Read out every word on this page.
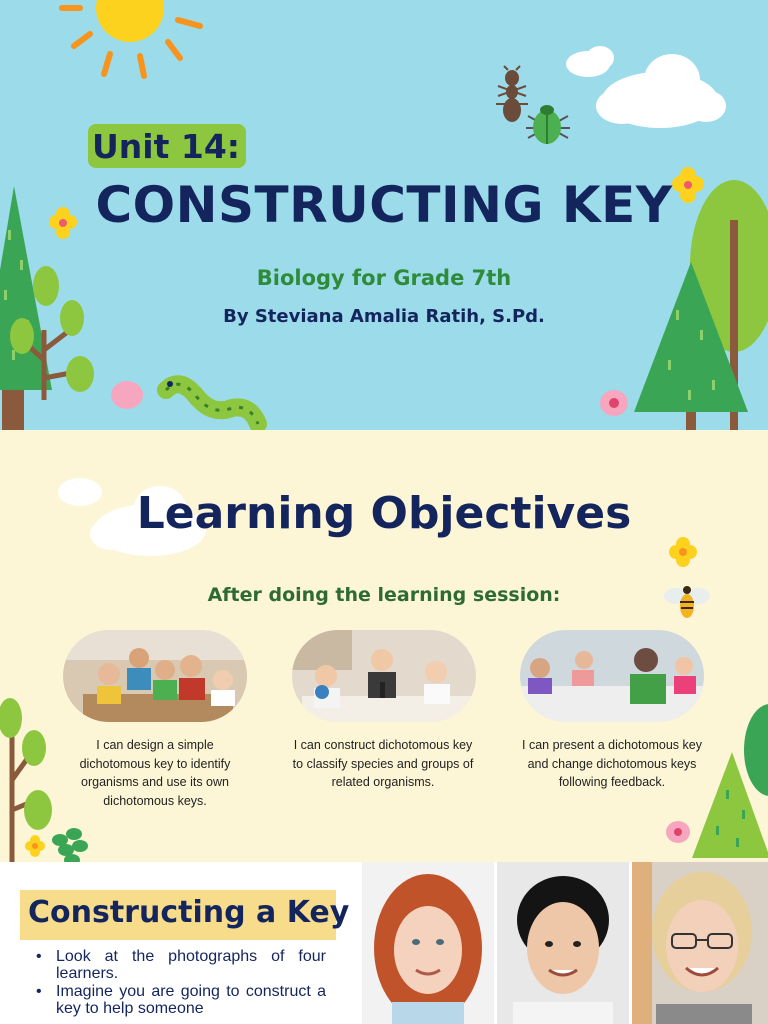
Unit 14:
CONSTRUCTING KEY
Biology for Grade 7th
By Steviana Amalia Ratih, S.Pd.
Learning Objectives
After doing the learning session:
I can design a simple dichotomous key to identify organisms and use its own dichotomous keys.
I can construct dichotomous key to classify species and groups of related organisms.
I can present a dichotomous key and change dichotomous keys following feedback.
Constructing a Key
• Look at the photographs of four learners.
• Imagine you are going to construct a key to help someone
